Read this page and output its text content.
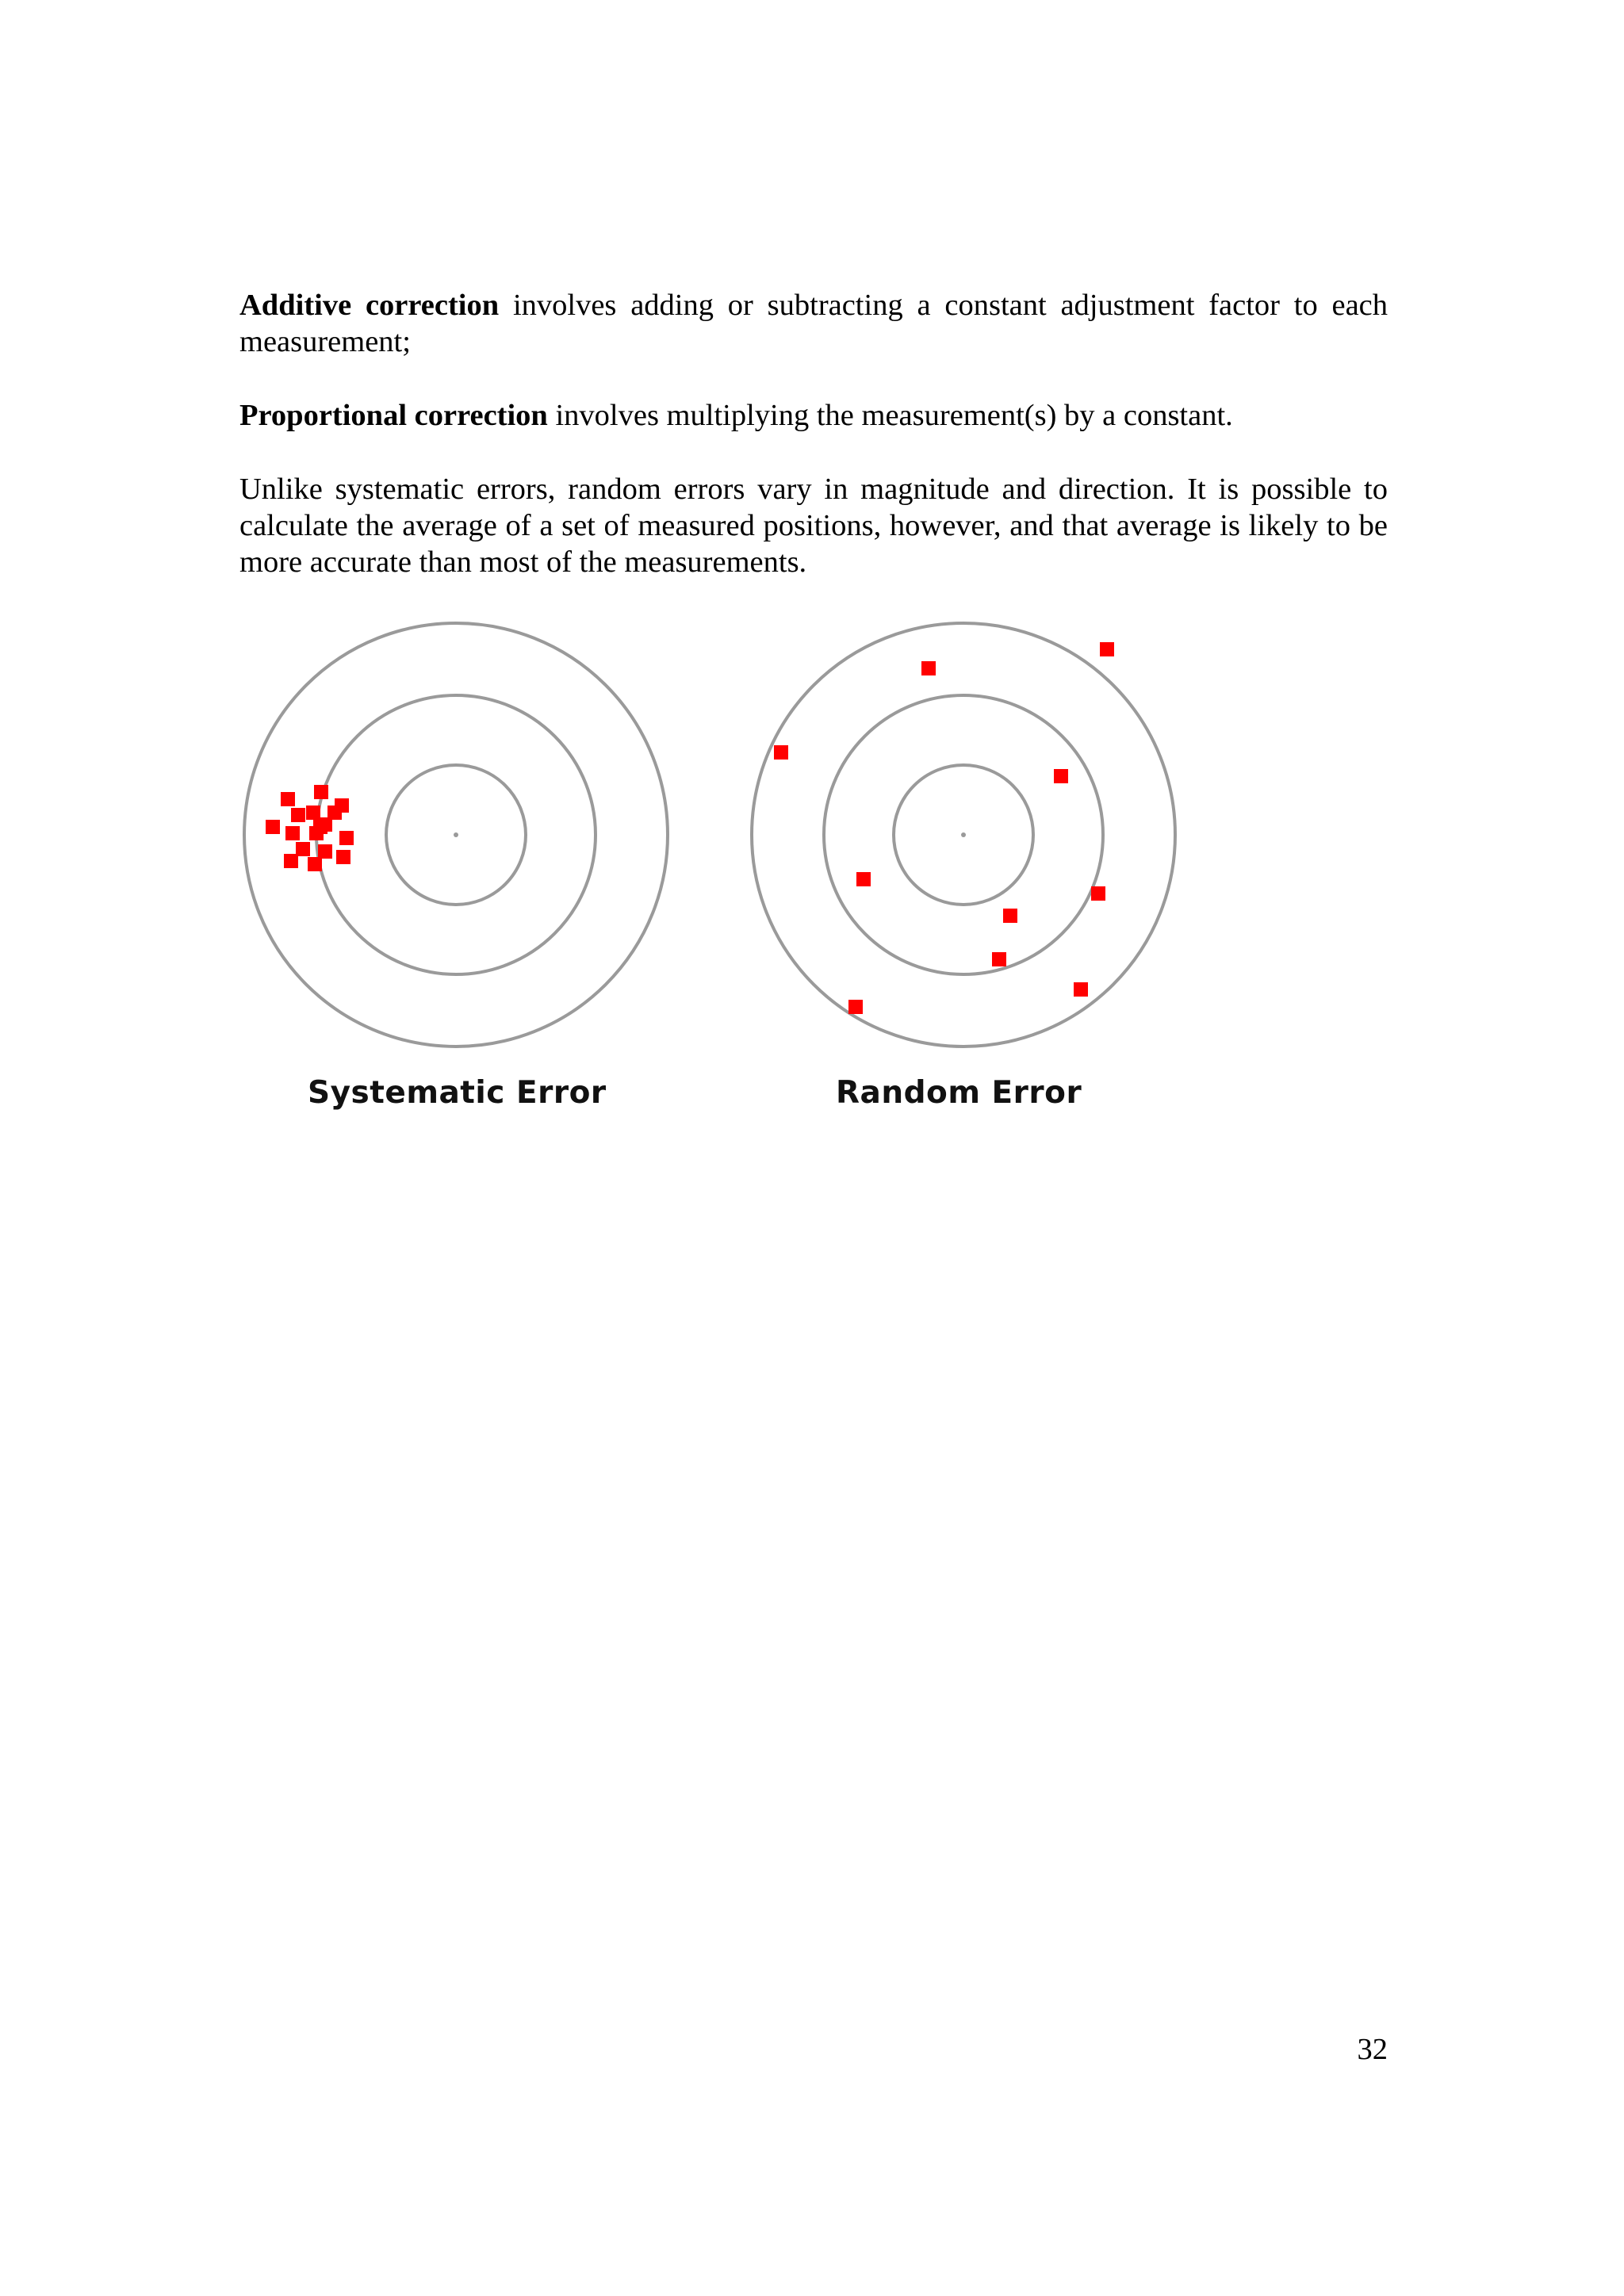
Additive correction involves adding or subtracting a constant adjustment factor to each measurement;

Proportional correction involves multiplying the measurement(s) by a constant.

Unlike systematic errors, random errors vary in magnitude and direction. It is possible to calculate the average of a set of measured positions, however, and that average is likely to be more accurate than most of the measurements.

Systematic Error	Random Error
32
